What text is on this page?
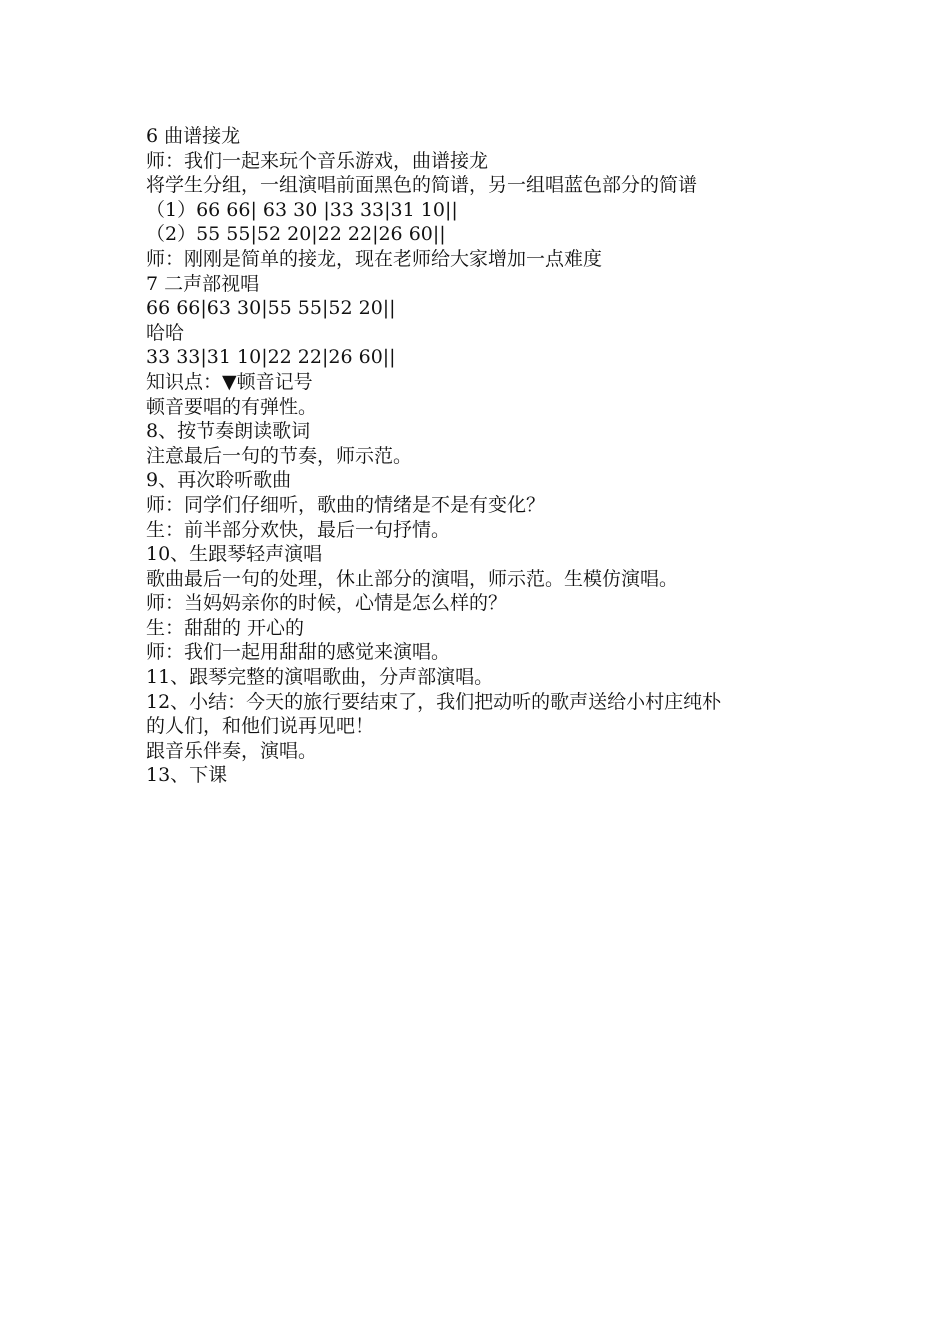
6 曲谱接龙

师：我们一起来玩个音乐游戏，曲谱接龙

将学生分组，一组演唱前面黑色的简谱，另一组唱蓝色部分的简谱

（1）66 66| 63 30 |33 33|31 10||

（2）55 55|52 20|22 22|26 60||

师：刚刚是简单的接龙，现在老师给大家增加一点难度

7 二声部视唱

66 66|63 30|55 55|52 20||

哈哈

33 33|31 10|22 22|26 60||

知识点：▼顿音记号

顿音要唱的有弹性。

8、按节奏朗读歌词

注意最后一句的节奏，师示范。

9、再次聆听歌曲

师：同学们仔细听，歌曲的情绪是不是有变化？

生：前半部分欢快，最后一句抒情。

10、生跟琴轻声演唱

歌曲最后一句的处理，休止部分的演唱，师示范。生模仿演唱。

师：当妈妈亲你的时候，心情是怎么样的？

生：甜甜的 开心的

师：我们一起用甜甜的感觉来演唱。

11、跟琴完整的演唱歌曲，分声部演唱。

12、小结：今天的旅行要结束了，我们把动听的歌声送给小村庄纯朴

的人们，和他们说再见吧！

跟音乐伴奏，演唱。

13、下课
